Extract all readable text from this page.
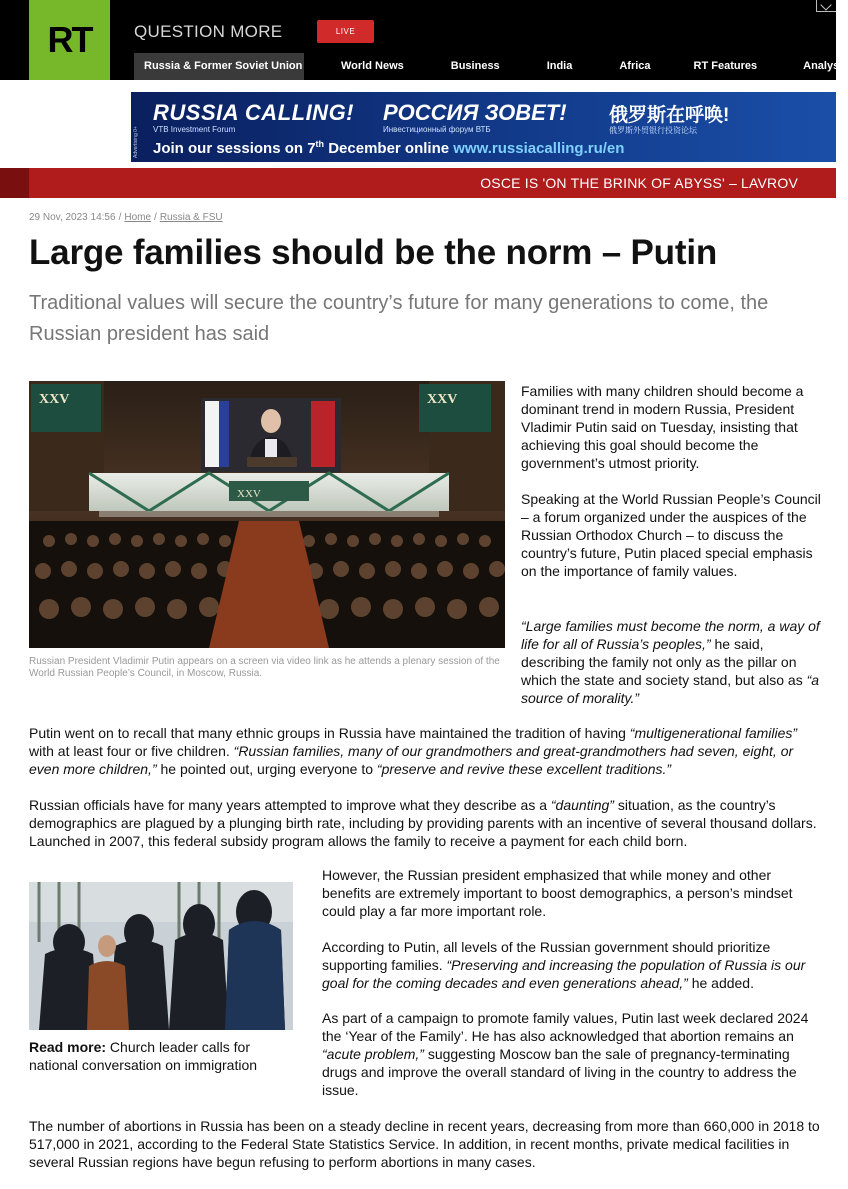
RT	QUESTION MORE	LIVE
Russia & Former Soviet Union	World News	Business	India	Africa	RT Features	Analysis
Advertising 0+
RUSSIA CALLING!
VTB Investment Forum
РОССИЯ ЗОВЕТ!
Инвестиционный форум ВТБ
俄罗斯在呼唤!
俄罗斯外贸银行投资论坛
Join our sessions on 7th December online www.russiacalling.ru/en
OSCE IS 'ON THE BRINK OF ABYSS' – LAVROV
29 Nov, 2023 14:56 / Home / Russia & FSU
Large families should be the norm – Putin
Traditional values will secure the country’s future for many generations to come, the Russian president has said
XXV	XXV
XXV
Russian President Vladimir Putin appears on a screen via video link as he attends a plenary session of the World Russian People’s Council, in Moscow, Russia.

Families with many children should become a dominant trend in modern Russia, President Vladimir Putin said on Tuesday, insisting that achieving this goal should become the government’s utmost priority.

Speaking at the World Russian People’s Council – a forum organized under the auspices of the Russian Orthodox Church – to discuss the country’s future, Putin placed special emphasis on the importance of family values.

“Large families must become the norm, a way of life for all of Russia’s peoples,” he said, describing the family not only as the pillar on which the state and society stand, but also as “a source of morality.”

Putin went on to recall that many ethnic groups in Russia have maintained the tradition of having “multigenerational families” with at least four or five children. “Russian families, many of our grandmothers and great-grandmothers had seven, eight, or even more children,” he pointed out, urging everyone to “preserve and revive these excellent traditions.”

Russian officials have for many years attempted to improve what they describe as a “daunting” situation, as the country’s demographics are plagued by a plunging birth rate, including by providing parents with an incentive of several thousand dollars. Launched in 2007, this federal subsidy program allows the family to receive a payment for each child born.

Read more: Church leader calls for national conversation on immigration

However, the Russian president emphasized that while money and other benefits are extremely important to boost demographics, a person’s mindset could play a far more important role.

According to Putin, all levels of the Russian government should prioritize supporting families. “Preserving and increasing the population of Russia is our goal for the coming decades and even generations ahead,” he added.

As part of a campaign to promote family values, Putin last week declared 2024 the ‘Year of the Family’. He has also acknowledged that abortion remains an “acute problem,” suggesting Moscow ban the sale of pregnancy-terminating drugs and improve the overall standard of living in the country to address the issue.

The number of abortions in Russia has been on a steady decline in recent years, decreasing from more than 660,000 in 2018 to 517,000 in 2021, according to the Federal State Statistics Service. In addition, in recent months, private medical facilities in several Russian regions have begun refusing to perform abortions in many cases.
